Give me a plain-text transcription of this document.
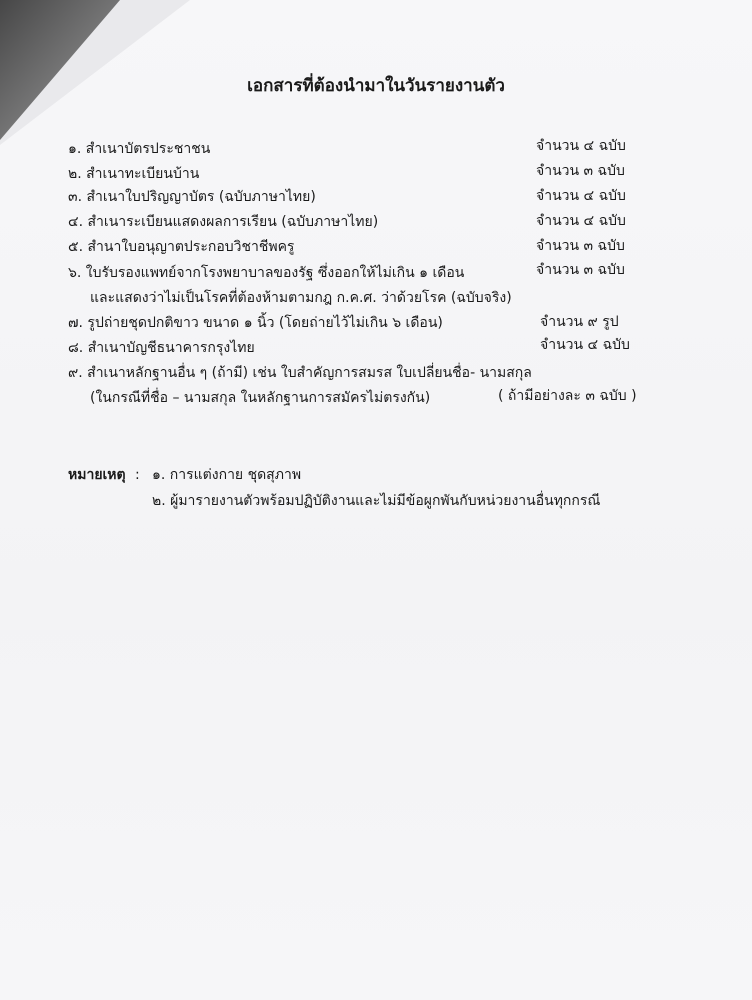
เอกสารที่ต้องนำมาในวันรายงานตัว
๑. สำเนาบัตรประชาชน	จำนวน ๔ ฉบับ
๒. สำเนาทะเบียนบ้าน	จำนวน ๓ ฉบับ
๓. สำเนาใบปริญญาบัตร (ฉบับภาษาไทย)	จำนวน ๔ ฉบับ
๔. สำเนาระเบียนแสดงผลการเรียน (ฉบับภาษาไทย)	จำนวน ๔ ฉบับ
๕. สำนาใบอนุญาตประกอบวิชาชีพครู	จำนวน ๓ ฉบับ
๖. ใบรับรองแพทย์จากโรงพยาบาลของรัฐ ซึ่งออกให้ไม่เกิน ๑ เดือน	จำนวน ๓ ฉบับ
และแสดงว่าไม่เป็นโรคที่ต้องห้ามตามกฎ ก.ค.ศ. ว่าด้วยโรค (ฉบับจริง)
๗. รูปถ่ายชุดปกติขาว ขนาด ๑ นิ้ว (โดยถ่ายไว้ไม่เกิน ๖ เดือน)	จำนวน ๙ รูป
๘. สำเนาบัญชีธนาคารกรุงไทย	จำนวน ๔ ฉบับ
๙. สำเนาหลักฐานอื่น ๆ (ถ้ามี) เช่น ใบสำคัญการสมรส ใบเปลี่ยนชื่อ- นามสกุล
(ในกรณีที่ชื่อ – นามสกุล ในหลักฐานการสมัครไม่ตรงกัน)	( ถ้ามีอย่างละ ๓ ฉบับ )
หมายเหตุ : ๑. การแต่งกาย ชุดสุภาพ
๒. ผู้มารายงานตัวพร้อมปฏิบัติงานและไม่มีข้อผูกพันกับหน่วยงานอื่นทุกกรณี
